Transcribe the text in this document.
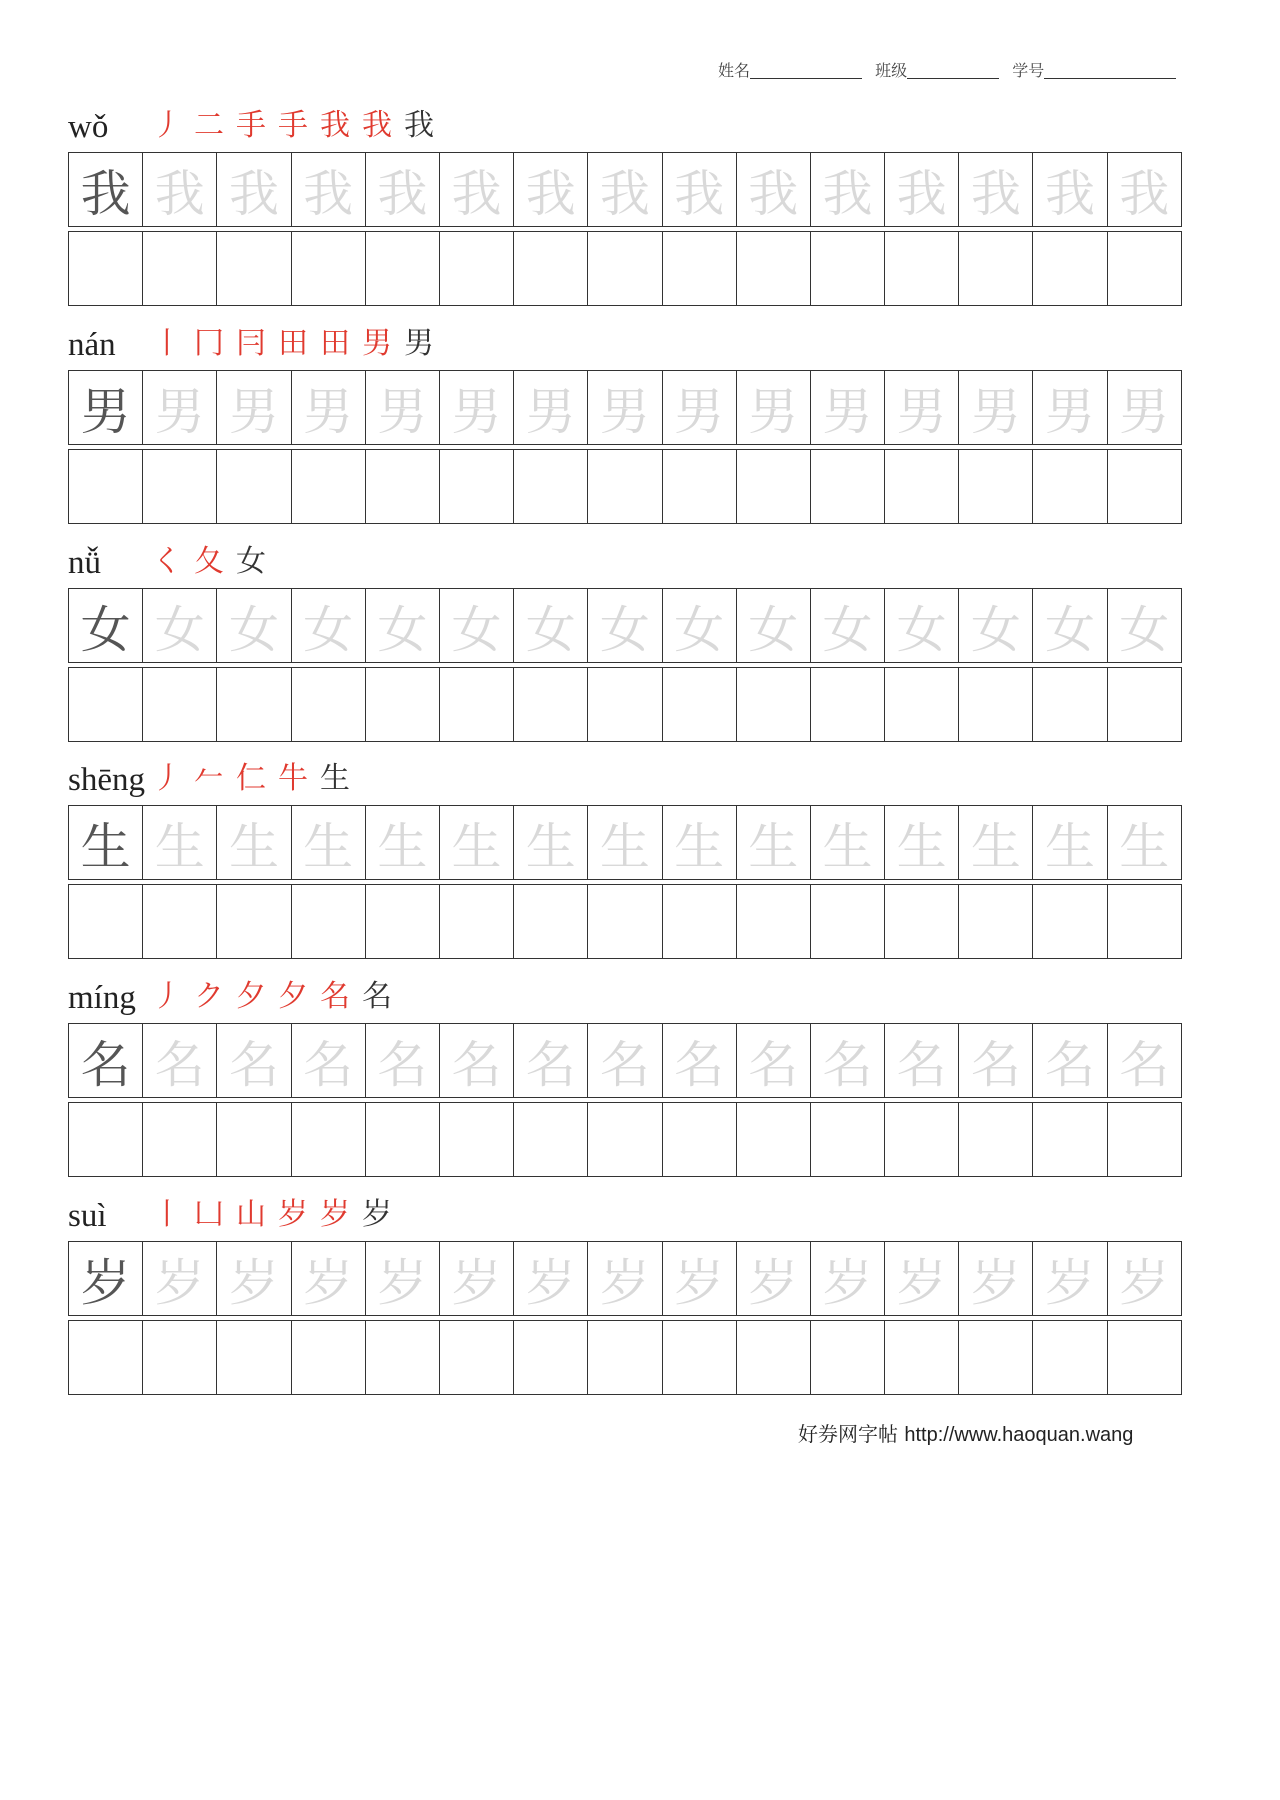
姓名	班级	学号
wǒ 丿 二 手 手 我 我 我
我 我 我 我 我 我 我 我 我 我 我 我 我 我 我
nán 丨 冂 冃 田 田 男 男
男 男 男 男 男 男 男 男 男 男 男 男 男 男 男
nǚ く 夂 女
女 女 女 女 女 女 女 女 女 女 女 女 女 女 女
shēng 丿 𠂉 仁 牛 生
生 生 生 生 生 生 生 生 生 生 生 生 生 生 生
míng 丿 ク 夕 夕 名 名
名 名 名 名 名 名 名 名 名 名 名 名 名 名 名
suì 丨 凵 山 岁 岁 岁
岁 岁 岁 岁 岁 岁 岁 岁 岁 岁 岁 岁 岁 岁 岁
好券网字帖 http://www.haoquan.wang
